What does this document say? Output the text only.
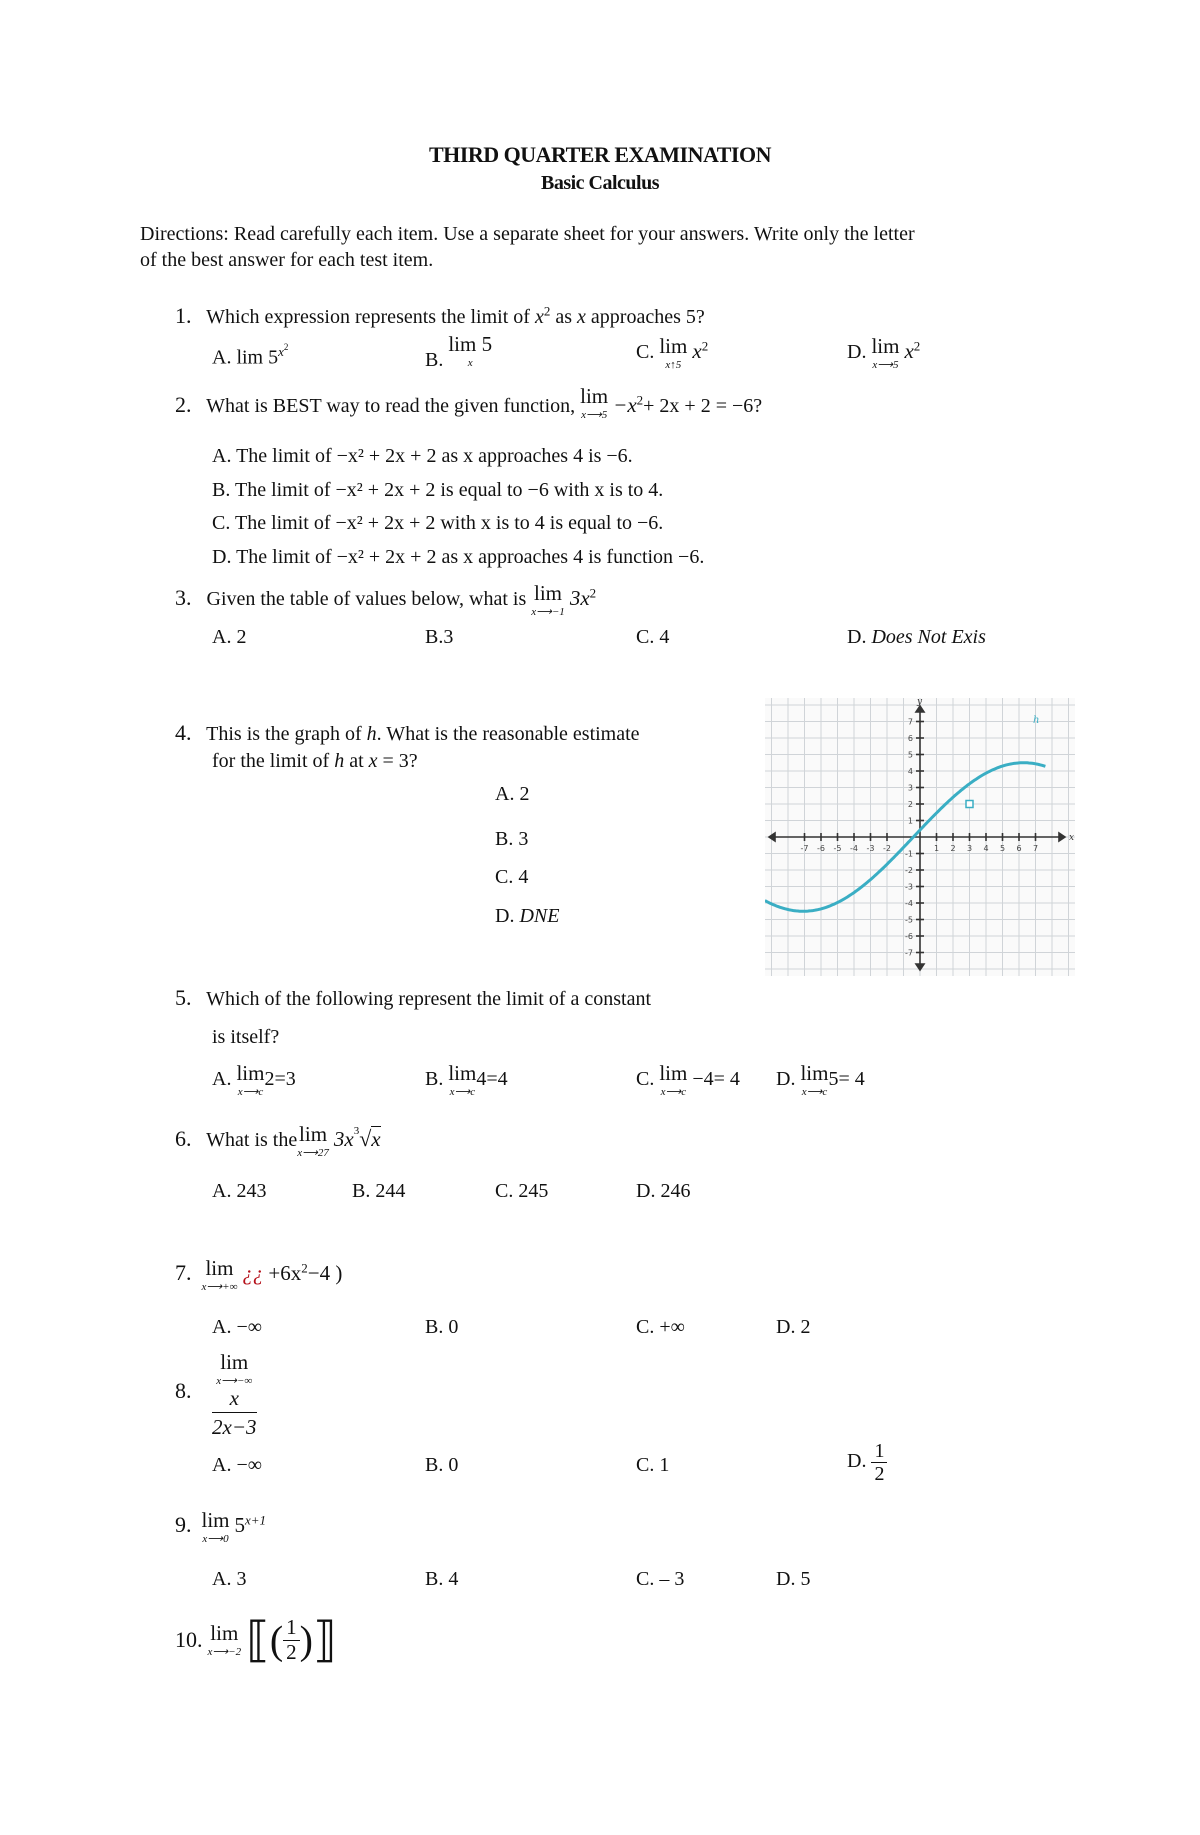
THIRD QUARTER EXAMINATION
Basic Calculus
Directions: Read carefully each item. Use a separate sheet for your answers. Write only the letter
of the best answer for each test item.
1. Which expression represents the limit of $x^2$ as x approaches 5?
A. $\lim 5^{x2}$
B.
lim 5
x	C. lim
x↑5
$x^2$	D. lim
x⟶5
$x^2$
2. What is BEST way to read the given function, lim
x⟶5 $-x^2+ 2x + 2 = -6$?
A. The limit of −x² + 2x + 2 as x approaches 4 is −6.
B. The limit of −x² + 2x + 2 is equal to −6 with x is to 4.
C. The limit of −x² + 2x + 2 with x is to 4 is equal to −6.
D. The limit of −x² + 2x + 2 as x approaches 4 is function −6.
3. Given the table of values below, what is lim
x⟶−1
$3x^2$
A. 2	B.3	C. 4	D. Does Not Exis
4. This is the graph of h. What is the reasonable estimate
for the limit of h at x = 3?
A. 2
B. 3
C. 4
D. DNE
-7 -6 -5 -4 -3 -2	1 2 3 4 5 6 7
7
6
5
4
3
2
1
-1
-2
-3
-4
-5
-6
-7
x
y
h
5. Which of the following represent the limit of a constant
is itself?
A. lim
x⟶c
2=3	B. lim
x⟶c
4=4	C. lim
x⟶c
−4= 4 D. lim
x⟶c
5= 4
6. What is the lim
x⟶27
$3x^3√x$
A. 243	B. 244	C. 245	D. 246
7. lim
x⟶+∞
¿¿ $+6x^2-4$ )
A. −∞	B. 0	C. +∞	D. 2
8. lim
x⟶−∞
x
2x−3
A. −∞	B. 0	C. 1	D. $\frac{1}{2}$
9. lim
x⟶0
$5^{x+1}$
A. 3	B. 4	C. – 3	D. 5
10. lim
x⟶−2 ⟦( $\frac{1}{2}$ )⟧
